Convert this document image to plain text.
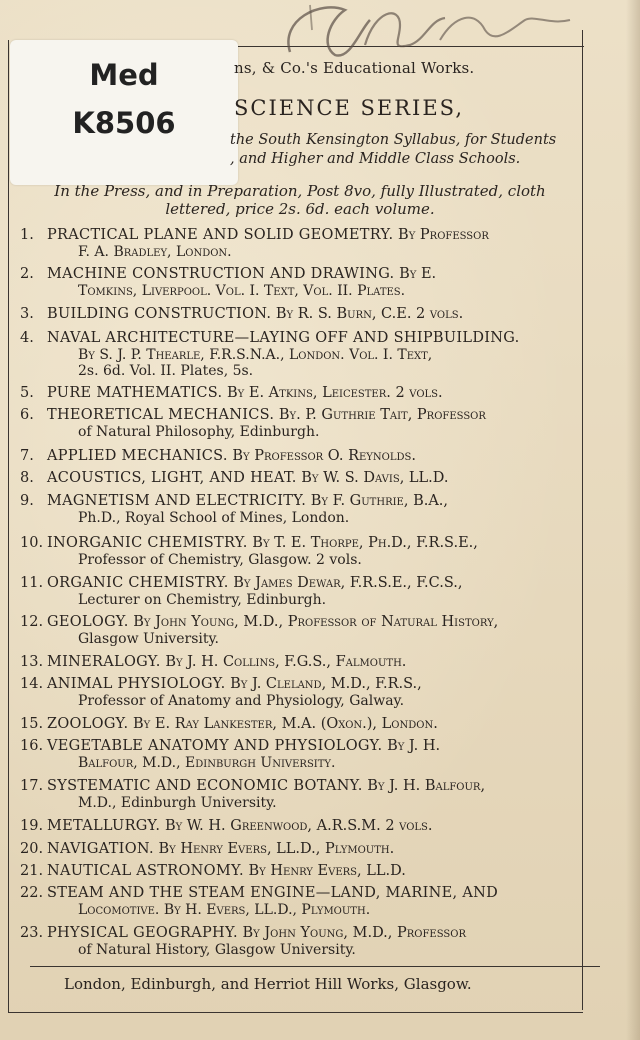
Med
K8506
ns, & Co.'s Educational Works.
SCIENCE SERIES,
the South Kensington Syllabus, for Students
, and Higher and Middle Class Schools.
In the Press, and in Preparation, Post 8vo, fully Illustrated, cloth
lettered, price 2s. 6d. each volume.
1. PRACTICAL PLANE AND SOLID GEOMETRY. By Professor
F. A. Bradley, London.
2. MACHINE CONSTRUCTION AND DRAWING. By E.
Tomkins, Liverpool. Vol. I. Text, Vol. II. Plates.
3. BUILDING CONSTRUCTION. By R. S. Burn, C.E. 2 vols.
4. NAVAL ARCHITECTURE—LAYING OFF AND SHIPBUILDING.
By S. J. P. Thearle, F.R.S.N.A., London. Vol. I. Text,
2s. 6d. Vol. II. Plates, 5s.
5. PURE MATHEMATICS. By E. Atkins, Leicester. 2 vols.
6. THEORETICAL MECHANICS. By. P. Guthrie Tait, Professor
of Natural Philosophy, Edinburgh.
7. APPLIED MECHANICS. By Professor O. Reynolds.
8. ACOUSTICS, LIGHT, AND HEAT. By W. S. Davis, LL.D.
9. MAGNETISM AND ELECTRICITY. By F. Guthrie, B.A.,
Ph.D., Royal School of Mines, London.
10. INORGANIC CHEMISTRY. By T. E. Thorpe, Ph.D., F.R.S.E.,
Professor of Chemistry, Glasgow. 2 vols.
11. ORGANIC CHEMISTRY. By James Dewar, F.R.S.E., F.C.S.,
Lecturer on Chemistry, Edinburgh.
12. GEOLOGY. By John Young, M.D., Professor of Natural History,
Glasgow University.
13. MINERALOGY. By J. H. Collins, F.G.S., Falmouth.
14. ANIMAL PHYSIOLOGY. By J. Cleland, M.D., F.R.S.,
Professor of Anatomy and Physiology, Galway.
15. ZOOLOGY. By E. Ray Lankester, M.A. (Oxon.), London.
16. VEGETABLE ANATOMY AND PHYSIOLOGY. By J. H.
Balfour, M.D., Edinburgh University.
17. SYSTEMATIC AND ECONOMIC BOTANY. By J. H. Balfour,
M.D., Edinburgh University.
19. METALLURGY. By W. H. Greenwood, A.R.S.M. 2 vols.
20. NAVIGATION. By Henry Evers, LL.D., Plymouth.
21. NAUTICAL ASTRONOMY. By Henry Evers, LL.D.
22. STEAM AND THE STEAM ENGINE—LAND, MARINE, AND
Locomotive. By H. Evers, LL.D., Plymouth.
23. PHYSICAL GEOGRAPHY. By John Young, M.D., Professor
of Natural History, Glasgow University.
London, Edinburgh, and Herriot Hill Works, Glasgow.
